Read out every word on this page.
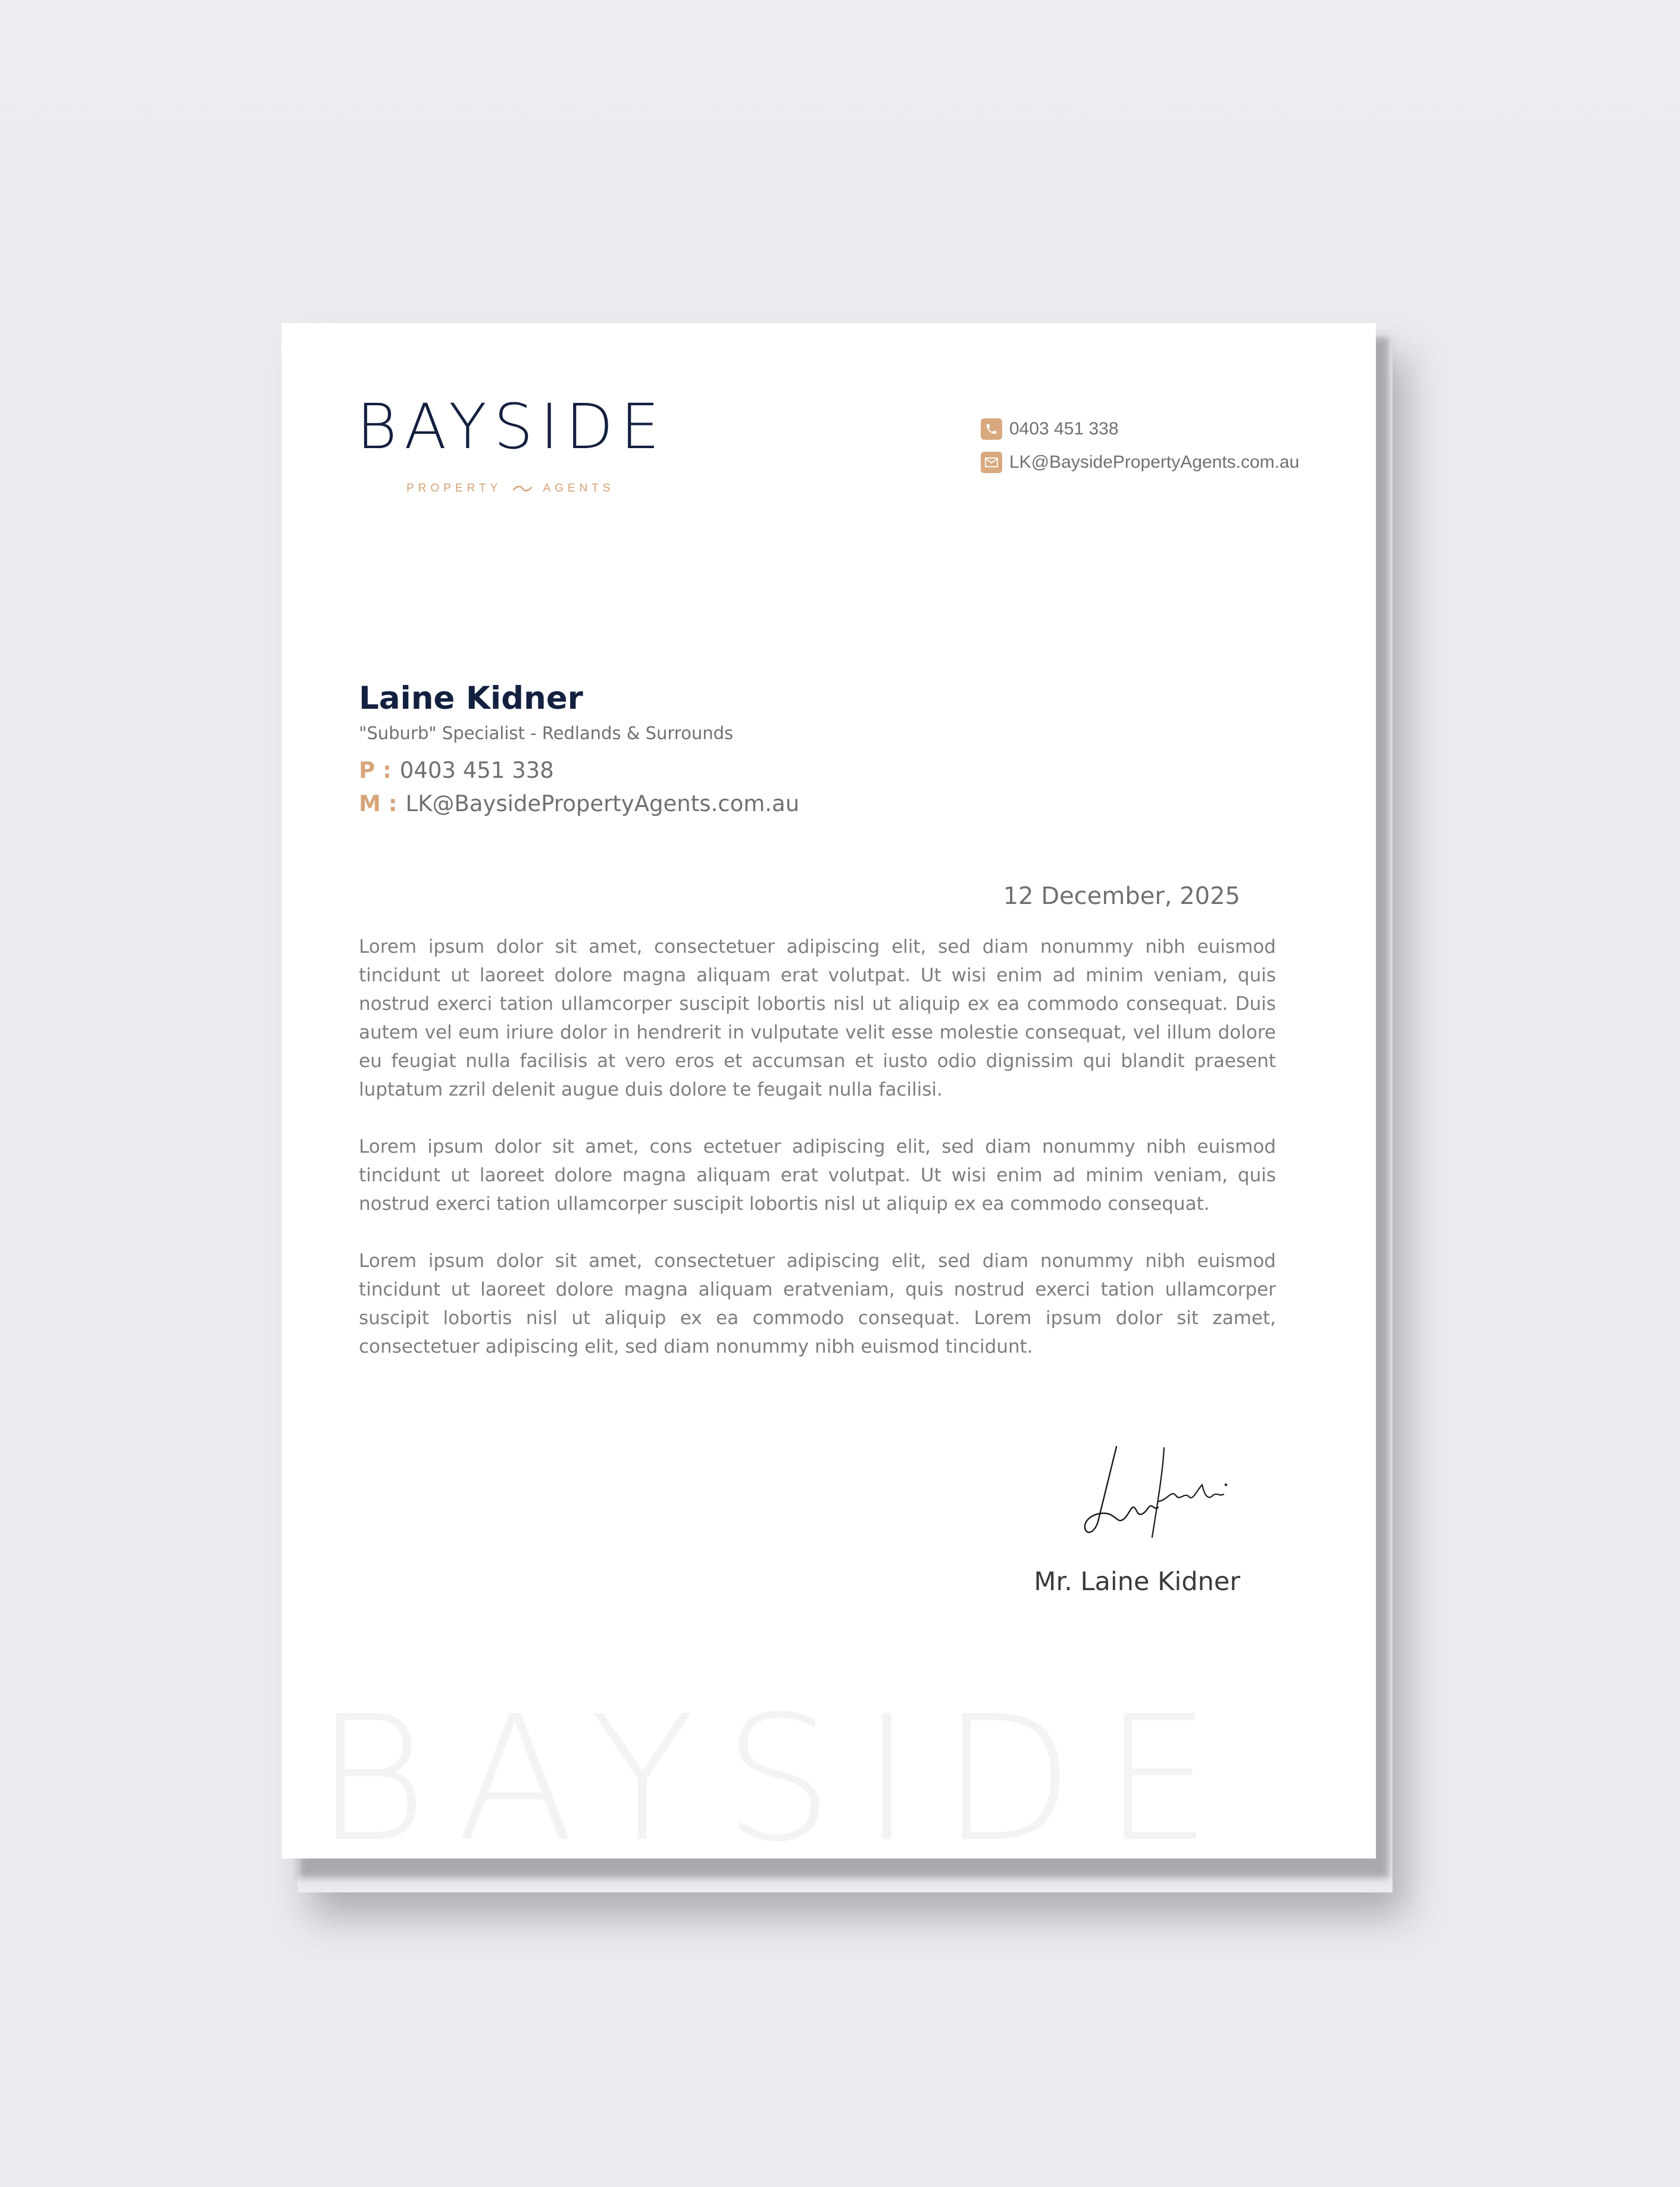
BAYSIDE
BAYSIDE
PROPERTY	AGENTS
0403 451 338
LK@BaysidePropertyAgents.com.au
Laine Kidner
"Suburb" Specialist - Redlands & Surrounds
P : 0403 451 338
M : LK@BaysidePropertyAgents.com.au
12 December, 2025

Lorem ipsum dolor sit amet, consectetuer adipiscing elit, sed diam nonummy nibh euismod tincidunt ut laoreet dolore magna aliquam erat volutpat. Ut wisi enim ad minim veniam, quis nostrud exerci tation ullamcorper suscipit lobortis nisl ut aliquip ex ea commodo consequat. Duis autem vel eum iriure dolor in hendrerit in vulputate velit esse molestie consequat, vel illum dolore eu feugiat nulla facilisis at vero eros et accumsan et iusto odio dignissim qui blandit praesent luptatum zzril delenit augue duis dolore te feugait nulla facilisi.

Lorem ipsum dolor sit amet, cons ectetuer adipiscing elit, sed diam nonummy nibh euismod tincidunt ut laoreet dolore magna aliquam erat volutpat. Ut wisi enim ad minim veniam, quis nostrud exerci tation ullamcorper suscipit lobortis nisl ut aliquip ex ea commodo consequat.

Lorem ipsum dolor sit amet, consectetuer adipiscing elit, sed diam nonummy nibh euismod tincidunt ut laoreet dolore magna aliquam eratveniam, quis nostrud exerci tation ullamcorper suscipit lobortis nisl ut aliquip ex ea commodo consequat. Lorem ipsum dolor sit zamet, consectetuer adipiscing elit, sed diam nonummy nibh euismod tincidunt.

Mr. Laine Kidner
